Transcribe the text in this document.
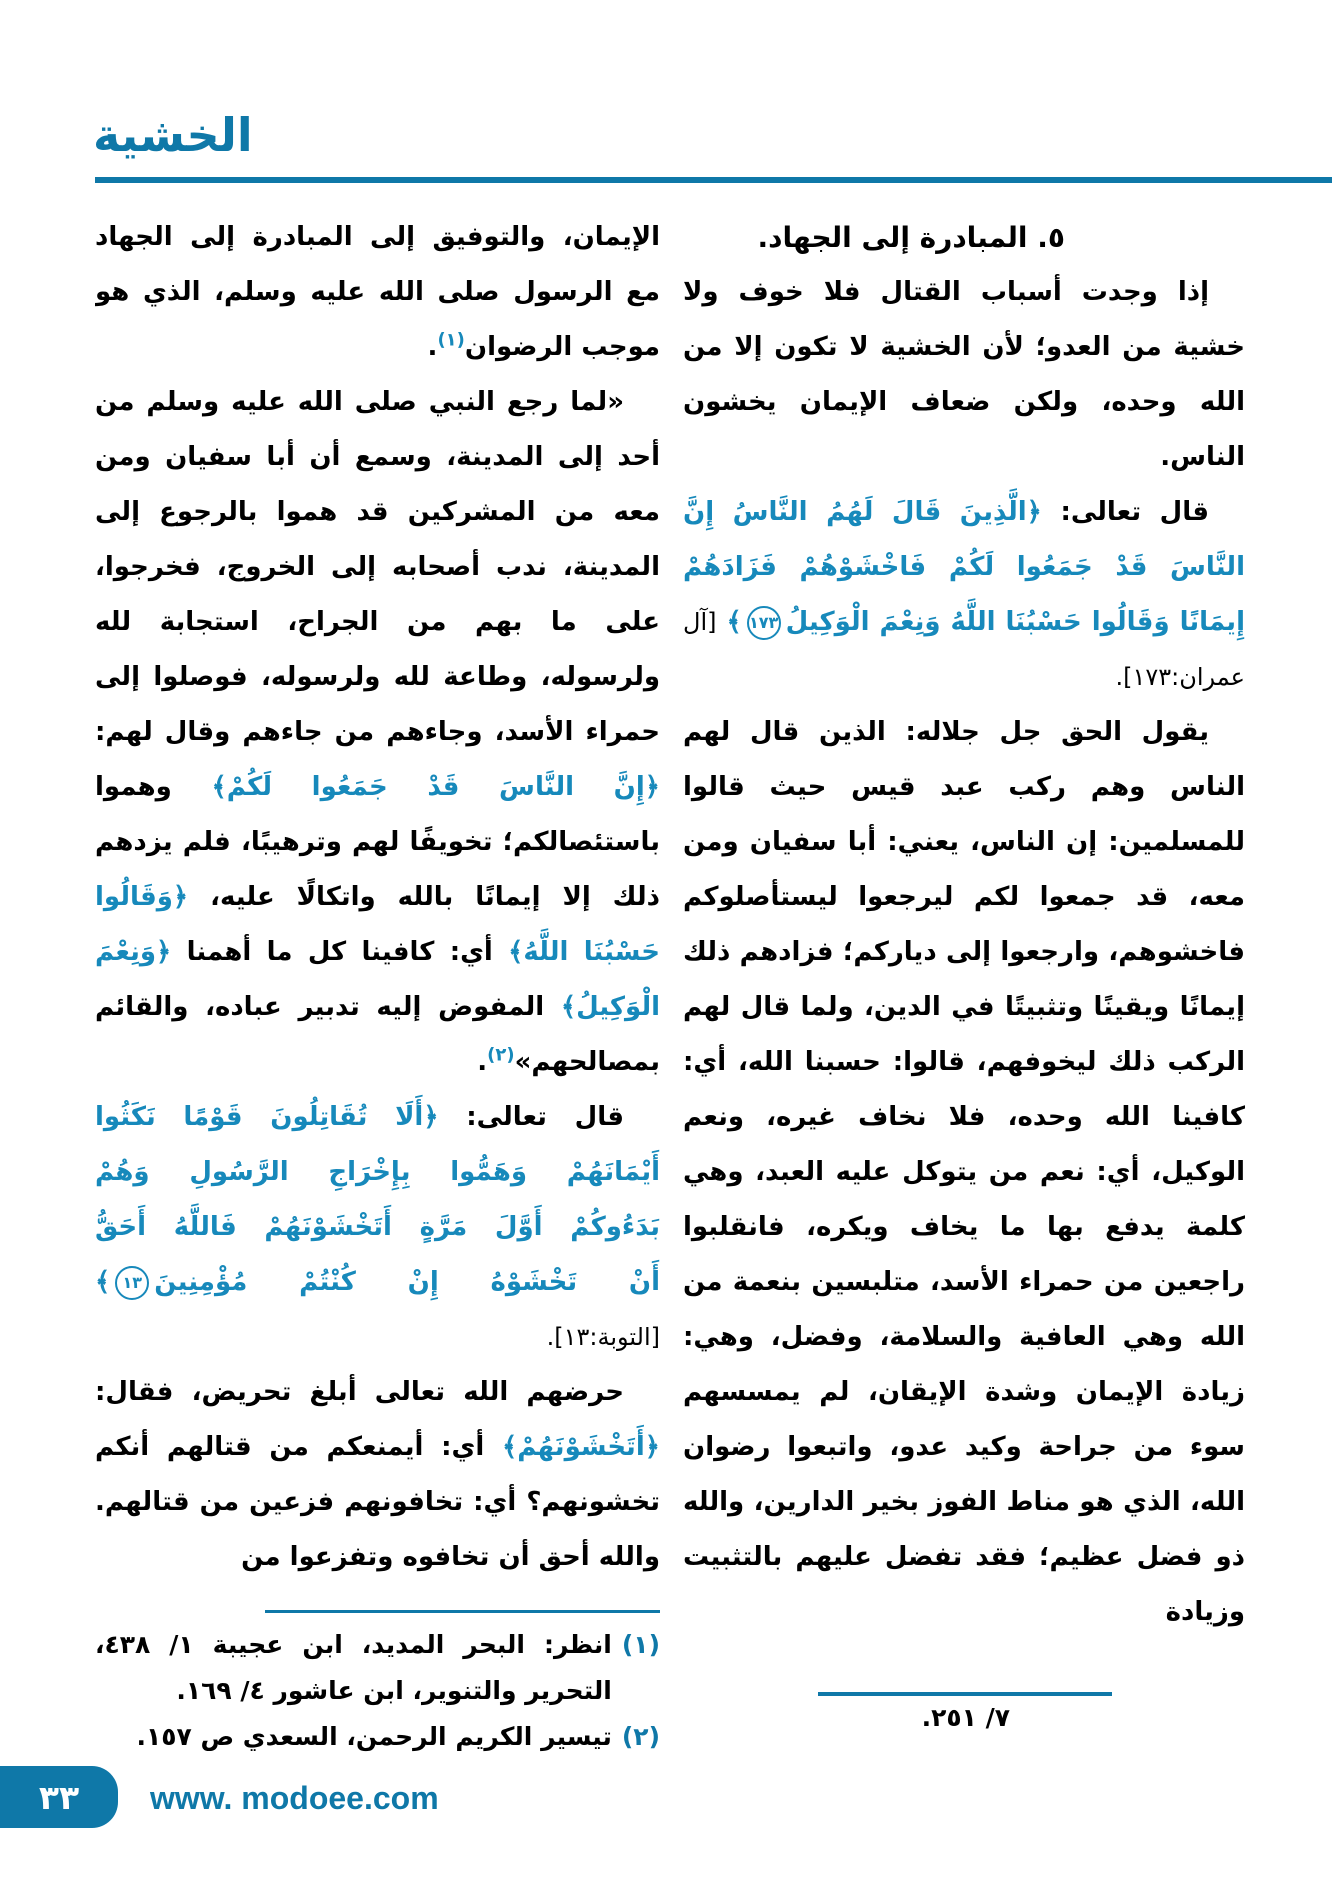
الخشية

٥. المبادرة إلى الجهاد.

إذا وجدت أسباب القتال فلا خوف ولا خشية من العدو؛ لأن الخشية لا تكون إلا من الله وحده، ولكن ضعاف الإيمان يخشون الناس.

قال تعالى: ﴿الَّذِينَ قَالَ لَهُمُ النَّاسُ إِنَّ النَّاسَ قَدْ جَمَعُوا لَكُمْ فَاخْشَوْهُمْ فَزَادَهُمْ إِيمَانًا وَقَالُوا حَسْبُنَا اللَّهُ وَنِعْمَ الْوَكِيلُ١٧٣﴾ [آل عمران:١٧٣].

يقول الحق جل جلاله: الذين قال لهم الناس وهم ركب عبد قيس حيث قالوا للمسلمين: إن الناس، يعني: أبا سفيان ومن معه، قد جمعوا لكم ليرجعوا ليستأصلوكم فاخشوهم، وارجعوا إلى دياركم؛ فزادهم ذلك إيمانًا ويقينًا وتثبيتًا في الدين، ولما قال لهم الركب ذلك ليخوفهم، قالوا: حسبنا الله، أي: كافينا الله وحده، فلا نخاف غيره، ونعم الوكيل، أي: نعم من يتوكل عليه العبد، وهي كلمة يدفع بها ما يخاف ويكره، فانقلبوا راجعين من حمراء الأسد، متلبسين بنعمة من الله وهي العافية والسلامة، وفضل، وهي: زيادة الإيمان وشدة الإيقان، لم يمسسهم سوء من جراحة وكيد عدو، واتبعوا رضوان الله، الذي هو مناط الفوز بخير الدارين، والله ذو فضل عظيم؛ فقد تفضل عليهم بالتثبيت وزيادة

الإيمان، والتوفيق إلى المبادرة إلى الجهاد مع الرسول صلى الله عليه وسلم، الذي هو موجب الرضوان$^{(١)}$.

«لما رجع النبي صلى الله عليه وسلم من أحد إلى المدينة، وسمع أن أبا سفيان ومن معه من المشركين قد هموا بالرجوع إلى المدينة، ندب أصحابه إلى الخروج، فخرجوا، على ما بهم من الجراح، استجابة لله ولرسوله، وطاعة لله ولرسوله، فوصلوا إلى حمراء الأسد، وجاءهم من جاءهم وقال لهم: ﴿إِنَّ النَّاسَ قَدْ جَمَعُوا لَكُمْ﴾ وهموا باستئصالكم؛ تخويفًا لهم وترهيبًا، فلم يزدهم ذلك إلا إيمانًا بالله واتكالًا عليه، ﴿وَقَالُوا حَسْبُنَا اللَّهُ﴾ أي: كافينا كل ما أهمنا ﴿وَنِعْمَ الْوَكِيلُ﴾ المفوض إليه تدبير عباده، والقائم بمصالحهم»$^{(٢)}$.

قال تعالى: ﴿أَلَا تُقَاتِلُونَ قَوْمًا نَكَثُوا أَيْمَانَهُمْ وَهَمُّوا بِإِخْرَاجِ الرَّسُولِ وَهُمْ بَدَءُوكُمْ أَوَّلَ مَرَّةٍ أَتَخْشَوْنَهُمْ فَاللَّهُ أَحَقُّ أَنْ تَخْشَوْهُ إِنْ كُنْتُمْ مُؤْمِنِينَ١٣﴾ [التوبة:١٣].

حرضهم الله تعالى أبلغ تحريض، فقال: ﴿أَتَخْشَوْنَهُمْ﴾ أي: أيمنعكم من قتالهم أنكم تخشونهم؟ أي: تخافونهم فزعين من قتالهم. والله أحق أن تخافوه وتفزعوا من

(١)
انظر: البحر المديد، ابن عجيبة ١/ ٤٣٨، التحرير والتنوير، ابن عاشور ٤/ ١٦٩.
(٢)
تيسير الكريم الرحمن، السعدي ص ١٥٧.
٧/ ٢٥١.
٣٣ www. modoee.com
